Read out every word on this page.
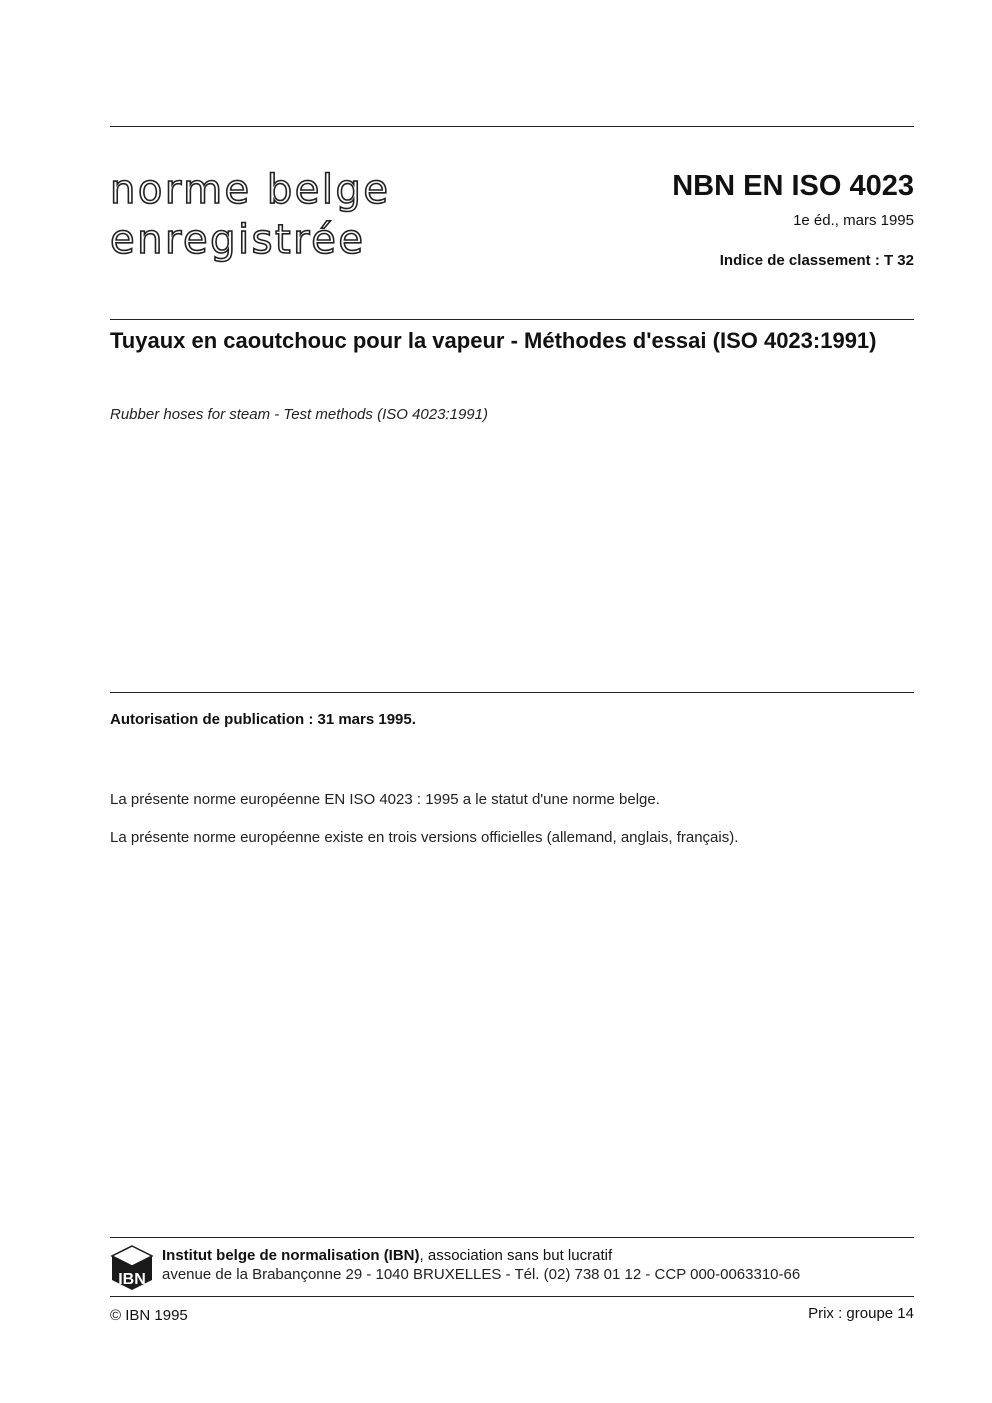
norme belge
enregistrée
NBN EN ISO 4023
1e éd., mars 1995
Indice de classement : T 32
Tuyaux en caoutchouc pour la vapeur - Méthodes d'essai (ISO 4023:1991)
Rubber hoses for steam - Test methods (ISO 4023:1991)
Autorisation de publication : 31 mars 1995.
La présente norme européenne EN ISO 4023 : 1995 a le statut d'une norme belge.
La présente norme européenne existe en trois versions officielles (allemand, anglais, français).
IBN
Institut belge de normalisation (IBN), association sans but lucratif
avenue de la Brabançonne 29 - 1040 BRUXELLES - Tél. (02) 738 01 12 - CCP 000-0063310-66
© IBN 1995	Prix : groupe 14
